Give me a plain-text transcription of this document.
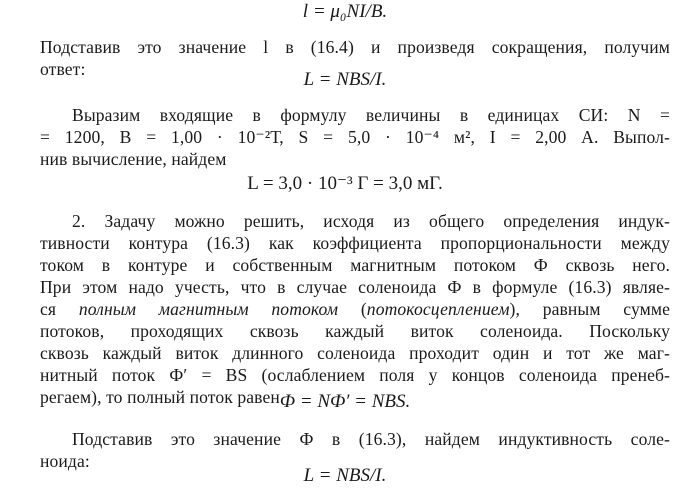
l = μ₀NI/B.
Подставив это значение l в (16.4) и произведя сокращения, получим
ответ:	L = NBS/I.
Выразим входящие в формулу величины в единицах СИ: N =
= 1200, B = 1,00 · 10⁻²Т, S = 5,0 · 10⁻⁴ м², I = 2,00 А. Выпол-
нив вычисление, найдем
L = 3,0 · 10⁻³ Г = 3,0 мГ.
2. Задачу можно решить, исходя из общего определения индук-
тивности контура (16.3) как коэффициента пропорциональности между
током в контуре и собственным магнитным потоком Ф сквозь него.
При этом надо учесть, что в случае соленоида Ф в формуле (16.3) являе-
ся полным магнитным потоком (потокосцеплением), равным сумме
потоков, проходящих сквозь каждый виток соленоида. Поскольку
сквозь каждый виток длинного соленоида проходит один и тот же маг-
нитный поток Ф′ = BS (ослаблением поля у концов соленоида пренеб-
регаем), то полный поток равен Ф = NФ′ = NBS.
Подставив это значение Ф в (16.3), найдем индуктивность соле-
ноида:
L = NBS/I.
